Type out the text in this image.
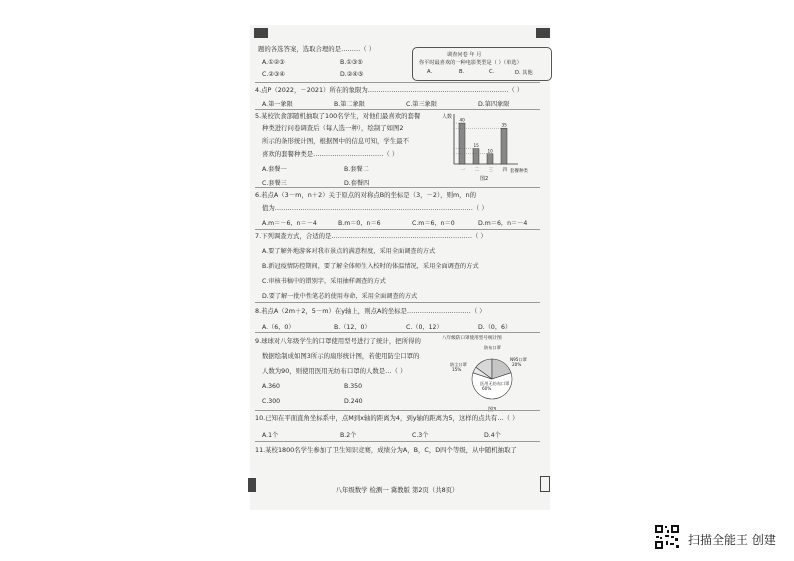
调查问卷 年 月
你平时最喜欢的一种电影类型是（ ）（单选）
A.	B.	C.	D. 其他
题的各选答案，选取合理的是………（ ）
A.①②③	B.①③⑤
C.②③④	D.②④⑤
4.点P（2022，－2021）所在的象限为…………………………………………………………（ ）
A.第一象限	B.第二象限	C.第三象限	D.第四象限
5.某校饮食部随机抽取了100名学生，对他们最喜欢的套餐
种类进行问卷调查后（每人选一种），绘制了如图2
所示的条形统计图，根据图中的信息可知，学生最不
喜欢的套餐种类是……………………………（ ）
A.套餐一	B.套餐二
C.套餐三	D.套餐四
人数
套餐种类
40
一
15
二
10
三
35
四
图2
6.若点A（3－m，n＋2）关于原点的对称点B的坐标是（3，－2），则m，n的
值为…………………………………………………………………………………（ ）
A.m＝－6，n＝－4	B.m＝0，n＝6	C.m＝6，n＝0	D.m＝6，n＝－4
7.下列调查方式，合适的是…………………………………………………………（ ）
A.要了解外地游客对我市景点的满意程度，采用全面调查的方式
B.新冠疫情防控期间，要了解全体师生入校时的体温情况，采用全面调查的方式
C.审核书稿中的错别字，采用抽样调查的方式
D.要了解一批中性笔芯的使用寿命，采用全面调查的方式
8.若点A（2m＋2，5－m）在y轴上，则点A的坐标是…………………………（ ）
A.（6，0）	B.（12，0）	C.（0，12）	D.（0，6）
9.球球对八年级学生的口罩使用型号进行了统计，把所得的
数据绘制成如图3所示的扇形统计图，若使用防尘口罩的
人数为90，则使用医用无纺布口罩的人数是…（ ）
A.360	B.350
C.300	D.240
八年级防口罩使用型号统计图
防尘口罩
15%
N95口罩
20%
医用无纺布口罩
60%
防布口罩
10.已知在平面直角坐标系中，点M到x轴的距离为4，到y轴的距离为5，这样的点共有…（ ）
A.1个	B.2个	C.3个	D.4个
11.某校1800名学生参加了卫生知识竞赛，成绩分为A，B，C，D四个等级，从中随机抽取了
八年级数学 检测一 冀教版 第2页（共8页）
扫描全能王 创建
